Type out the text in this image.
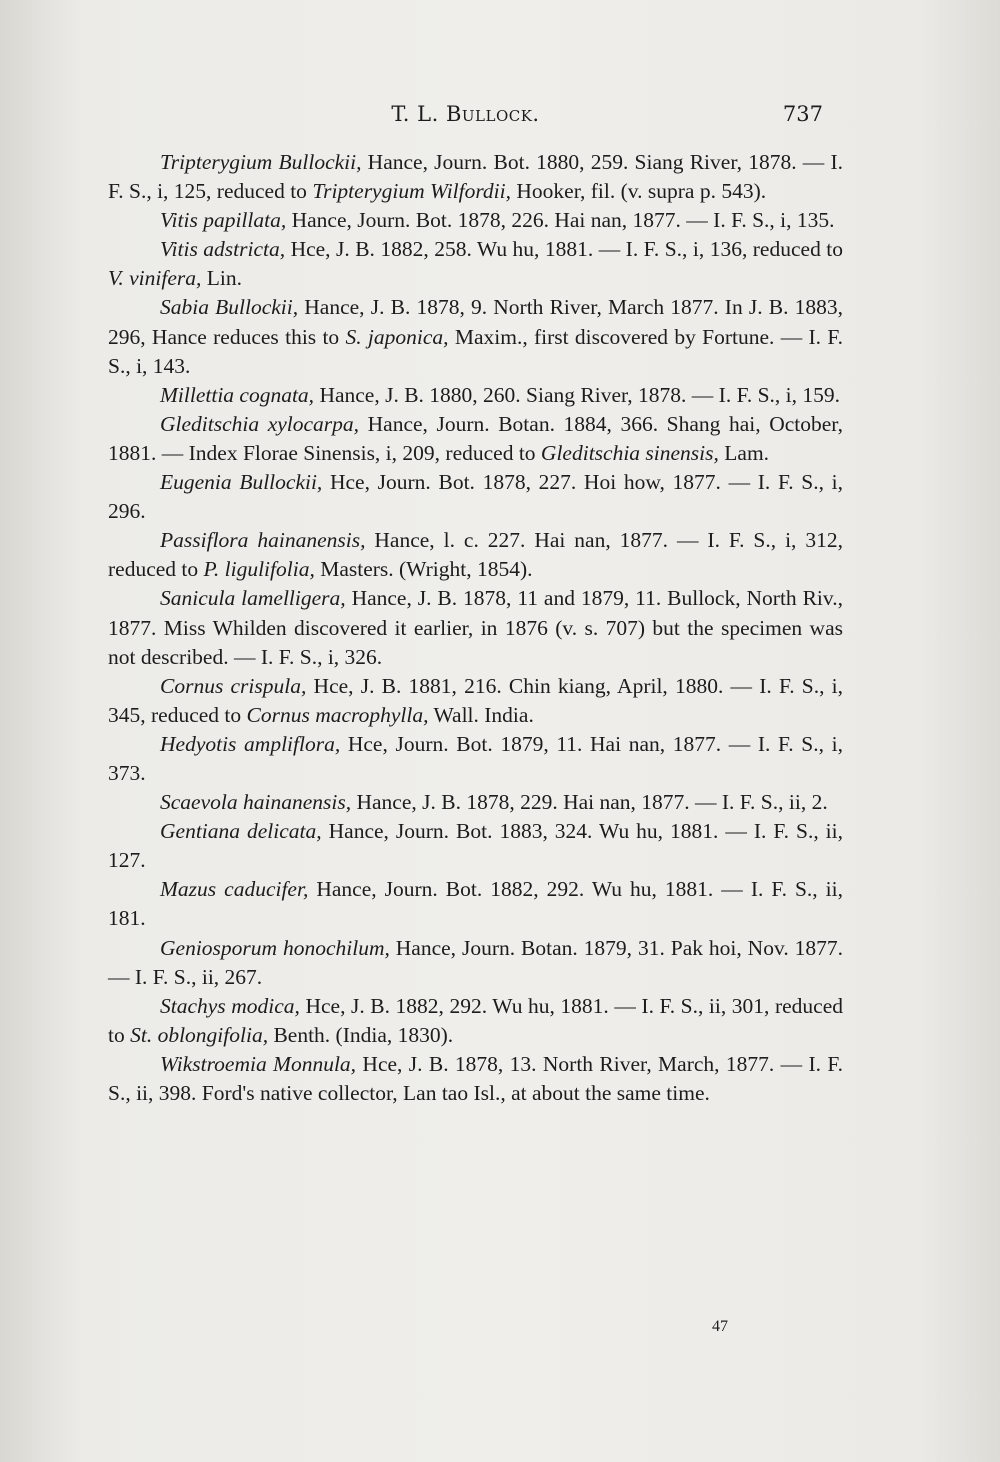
T. L. Bullock.	737

Tripterygium Bullockii, Hance, Journ. Bot. 1880, 259. Siang River, 1878. — I. F. S., i, 125, reduced to Tripterygium Wilfordii, Hooker, fil. (v. supra p. 543).

Vitis papillata, Hance, Journ. Bot. 1878, 226. Hai nan, 1877. — I. F. S., i, 135.

Vitis adstricta, Hce, J. B. 1882, 258. Wu hu, 1881. — I. F. S., i, 136, reduced to V. vinifera, Lin.

Sabia Bullockii, Hance, J. B. 1878, 9. North River, March 1877. In J. B. 1883, 296, Hance reduces this to S. japonica, Maxim., first discovered by Fortune. — I. F. S., i, 143.

Millettia cognata, Hance, J. B. 1880, 260. Siang River, 1878. — I. F. S., i, 159.

Gleditschia xylocarpa, Hance, Journ. Botan. 1884, 366. Shang hai, October, 1881. — Index Florae Sinensis, i, 209, reduced to Gleditschia sinensis, Lam.

Eugenia Bullockii, Hce, Journ. Bot. 1878, 227. Hoi how, 1877. — I. F. S., i, 296.

Passiflora hainanensis, Hance, l. c. 227. Hai nan, 1877. — I. F. S., i, 312, reduced to P. ligulifolia, Masters. (Wright, 1854).

Sanicula lamelligera, Hance, J. B. 1878, 11 and 1879, 11. Bullock, North Riv., 1877. Miss Whilden discovered it earlier, in 1876 (v. s. 707) but the specimen was not described. — I. F. S., i, 326.

Cornus crispula, Hce, J. B. 1881, 216. Chin kiang, April, 1880. — I. F. S., i, 345, reduced to Cornus macrophylla, Wall. India.

Hedyotis ampliflora, Hce, Journ. Bot. 1879, 11. Hai nan, 1877. — I. F. S., i, 373.

Scaevola hainanensis, Hance, J. B. 1878, 229. Hai nan, 1877. — I. F. S., ii, 2.

Gentiana delicata, Hance, Journ. Bot. 1883, 324. Wu hu, 1881. — I. F. S., ii, 127.

Mazus caducifer, Hance, Journ. Bot. 1882, 292. Wu hu, 1881. — I. F. S., ii, 181.

Geniosporum honochilum, Hance, Journ. Botan. 1879, 31. Pak hoi, Nov. 1877. — I. F. S., ii, 267.

Stachys modica, Hce, J. B. 1882, 292. Wu hu, 1881. — I. F. S., ii, 301, reduced to St. oblongifolia, Benth. (India, 1830).

Wikstroemia Monnula, Hce, J. B. 1878, 13. North River, March, 1877. — I. F. S., ii, 398. Ford's native collector, Lan tao Isl., at about the same time.

47
